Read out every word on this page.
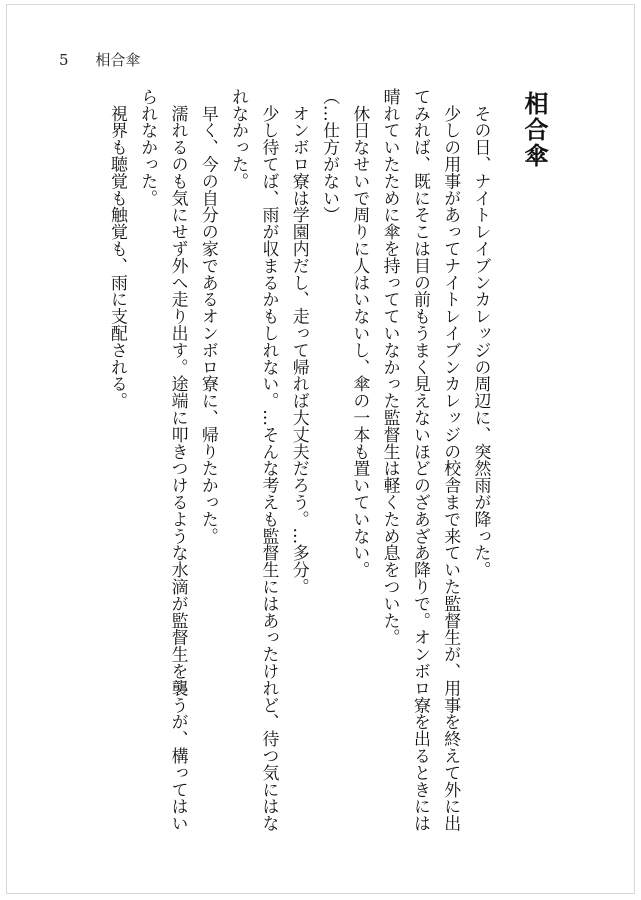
5 相合傘
相合傘

　その日、ナイトレイブンカレッジの周辺に、突然雨が降った。

　少しの用事があってナイトレイブンカレッジの校舎まで来ていた監督生が、用事を終えて外に出てみれば、既にそこは目の前もうまく見えないほどのざあざあ降りで。オンボロ寮を出るときには晴れていたために傘を持ってていなかった監督生は軽くため息をついた。

　休日なせいで周りに人はいないし、傘の一本も置いていない。

（…仕方がない）

　オンボロ寮は学園内だし、走って帰れば大丈夫だろう。…多分。

　少し待てば、雨が収まるかもしれない。…そんな考えも監督生にはあったけれど、待つ気にはなれなかった。

　早く、今の自分の家であるオンボロ寮に、帰りたかった。

　濡れるのも気にせず外へ走り出す。途端に叩きつけるような水滴が監督生を襲うが、構ってはいられなかった。

　視界も聴覚も触覚も、雨に支配される。
